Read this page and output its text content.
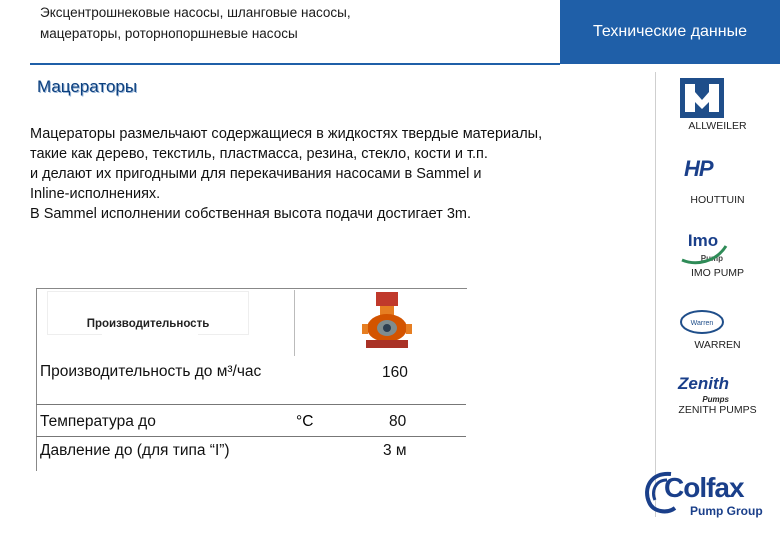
Эксцентрошнековые насосы, шланговые насосы,
мацераторы, роторнопоршневые насосы	Технические данные
Мацераторы
Мацераторы размельчают содержащиеся в жидкостях твердые материалы,
такие как дерево, текстиль, пластмасса, резина, стекло, кости и т.п.
и делают их пригодными для перекачивания насосами в Sammel и
Inline-исполнениях.
В Sammel исполнении собственная высота подачи достигает 3m.
Производительность
Производительность до м³/час	160
Температура до	°C	80
Давление до (для типа “I”)	3 м
ALLWEILER
HP
HOUTTUIN
Imo
Pump
IMO PUMP
Warren
WARREN
Zenith
Pumps
ZENITH PUMPS
Colfax
Pump Group
